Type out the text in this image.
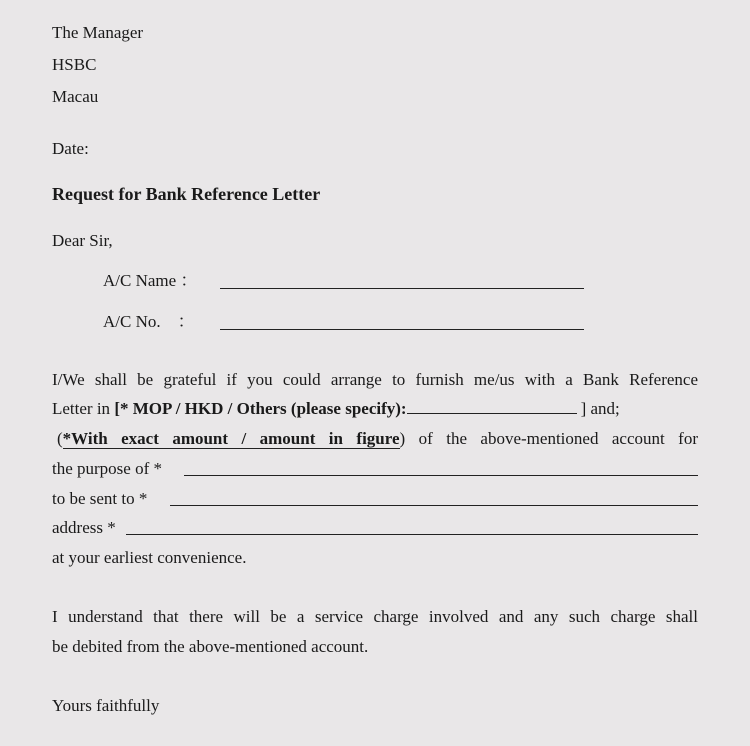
The Manager
HSBC
Macau
Date:
Request for Bank Reference Letter
Dear Sir,
A/C Name ：
A/C No.    ：
I/We shall be grateful if you could arrange to furnish me/us with a Bank Reference
Letter in [* MOP / HKD / Others (please specify):	] and;
(*With exact amount / amount in figure) of the above-mentioned account for
the purpose of *
to be sent to *
address *
at your earliest convenience.
I understand that there will be a service charge involved and any such charge shall
be debited from the above-mentioned account.
Yours faithfully
